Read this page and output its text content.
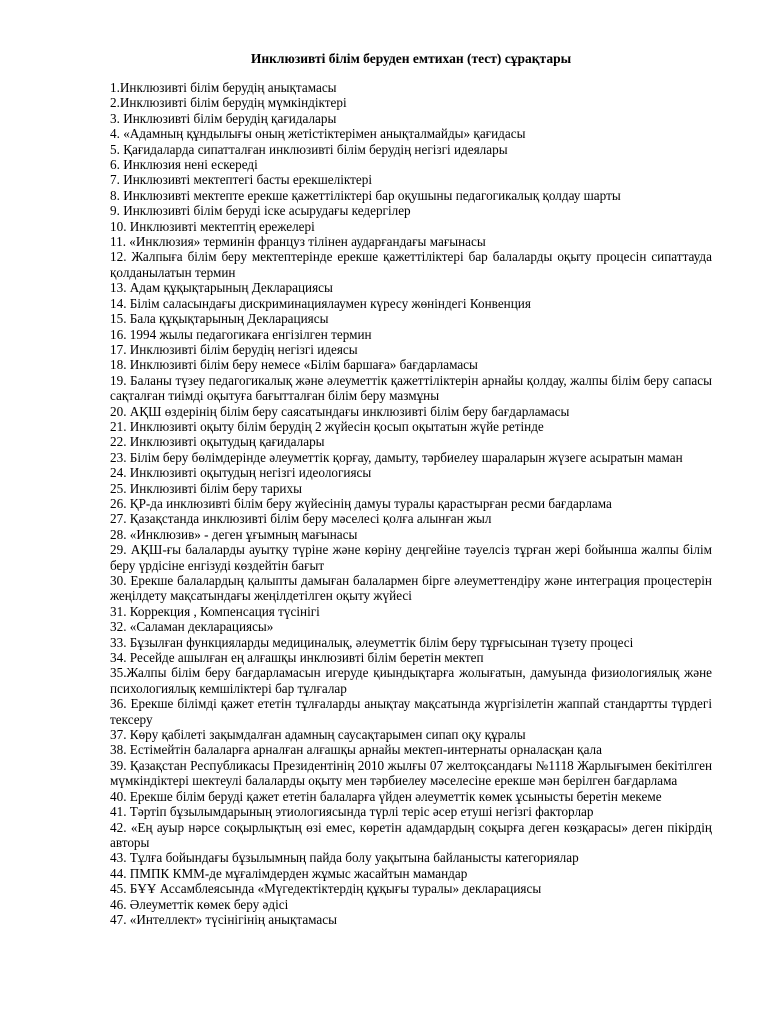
Инклюзивті білім беруден емтихан (тест) сұрақтары
1.Инклюзивті білім берудің анықтамасы
2.Инклюзивті білім берудің мүмкіндіктері
3. Инклюзивті білім берудің қағидалары
4. «Адамның құндылығы оның жетістіктерімен анықталмайды» қағидасы
5. Қағидаларда сипатталған инклюзивті білім берудің негізгі идеялары
6. Инклюзия нені ескереді
7. Инклюзивті мектептегі басты ерекшеліктері
8. Инклюзивті мектепте ерекше қажеттіліктері бар оқушыны педагогикалық қолдау шарты
9. Инклюзивті білім беруді іске асырудағы кедергілер
10. Инклюзивті мектептің ережелері
11. «Инклюзия» терминін француз тілінен аударғандағы мағынасы
12. Жалпыға білім беру мектептерінде ерекше қажеттіліктері бар балаларды оқыту процесін сипаттауда қолданылатын термин
13. Адам құқықтарының Декларациясы
14. Білім саласындағы дискриминациялаумен күресу жөніндегі Конвенция
15. Бала құқықтарының Декларациясы
16. 1994 жылы педагогикаға енгізілген термин
17. Инклюзивті білім берудің негізгі идеясы
18. Инклюзивті білім беру немесе «Білім баршаға» бағдарламасы
19. Баланы түзеу педагогикалық және әлеуметтік қажеттіліктерін арнайы қолдау, жалпы білім беру сапасы сақталған тиімді оқытуға бағытталған білім беру мазмұны
20. АҚШ өздерінің білім беру саясатындағы инклюзивті білім беру бағдарламасы
21. Инклюзивті оқыту білім берудің 2 жүйесін қосып оқытатын жүйе ретінде
22. Инклюзивті оқытудың қағидалары
23. Білім беру бөлімдерінде әлеуметтік қорғау, дамыту, тәрбиелеу шараларын жүзеге асыратын маман
24. Инклюзивті оқытудың негізгі идеологиясы
25. Инклюзивті білім беру тарихы
26. ҚР-да инклюзивті білім беру жүйесінің дамуы туралы қарастырған ресми бағдарлама
27. Қазақстанда инклюзивті білім беру мәселесі қолға алынған жыл
28. «Инклюзив» - деген ұғымның мағынасы
29. АҚШ-ғы балаларды ауытқу түріне және көріну деңгейіне тәуелсіз тұрған жері бойынша жалпы білім беру үрдісіне енгізуді көздейтін бағыт
30. Ерекше балалардың қалыпты дамыған балалармен бірге әлеуметтендіру және интеграция процестерін жеңілдету мақсатындағы жеңілдетілген оқыту жүйесі
31. Коррекция , Компенсация түсінігі
32. «Саламан декларациясы»
33. Бұзылған функцияларды медициналық, әлеуметтік білім беру тұрғысынан түзету процесі
34. Ресейде ашылған ең алғашқы инклюзивті білім беретін мектеп
35.Жалпы білім беру бағдарламасын игеруде қиындықтарға жолығатын, дамуында физиологиялық және психологиялық кемшіліктері бар тұлғалар
36. Ерекше білімді қажет ететін тұлғаларды анықтау мақсатында жүргізілетін жаппай стандартты түрдегі тексеру
37. Көру қабілеті зақымдалған адамның саусақтарымен сипап оқу құралы
38. Естімейтін балаларға арналған алғашқы арнайы мектеп-интернаты орналасқан қала
39. Қазақстан Республикасы Президентінің 2010 жылғы 07 желтоқсандағы №1118 Жарлығымен бекітілген мүмкіндіктері шектеулі балаларды оқыту мен тәрбиелеу мәселесіне ерекше мән берілген бағдарлама
40. Ерекше білім беруді қажет ететін балаларға үйден әлеуметтік көмек ұсынысты беретін мекеме
41. Тәртіп бұзылымдарының этиологиясында түрлі теріс әсер етуші негізгі факторлар
42. «Ең ауыр нәрсе соқырлықтың өзі емес, көретін адамдардың соқырға деген көзқарасы» деген пікірдің авторы
43. Тұлға бойындағы бұзылымның пайда болу уақытына байланысты категориялар
44. ПМПК КММ-де мұғалімдерден жұмыс жасайтын мамандар
45. БҰҰ Ассамблеясында «Мүгедектіктердің құқығы туралы» декларациясы
46. Әлеуметтік көмек беру әдісі
47. «Интеллект» түсінігінің анықтамасы
